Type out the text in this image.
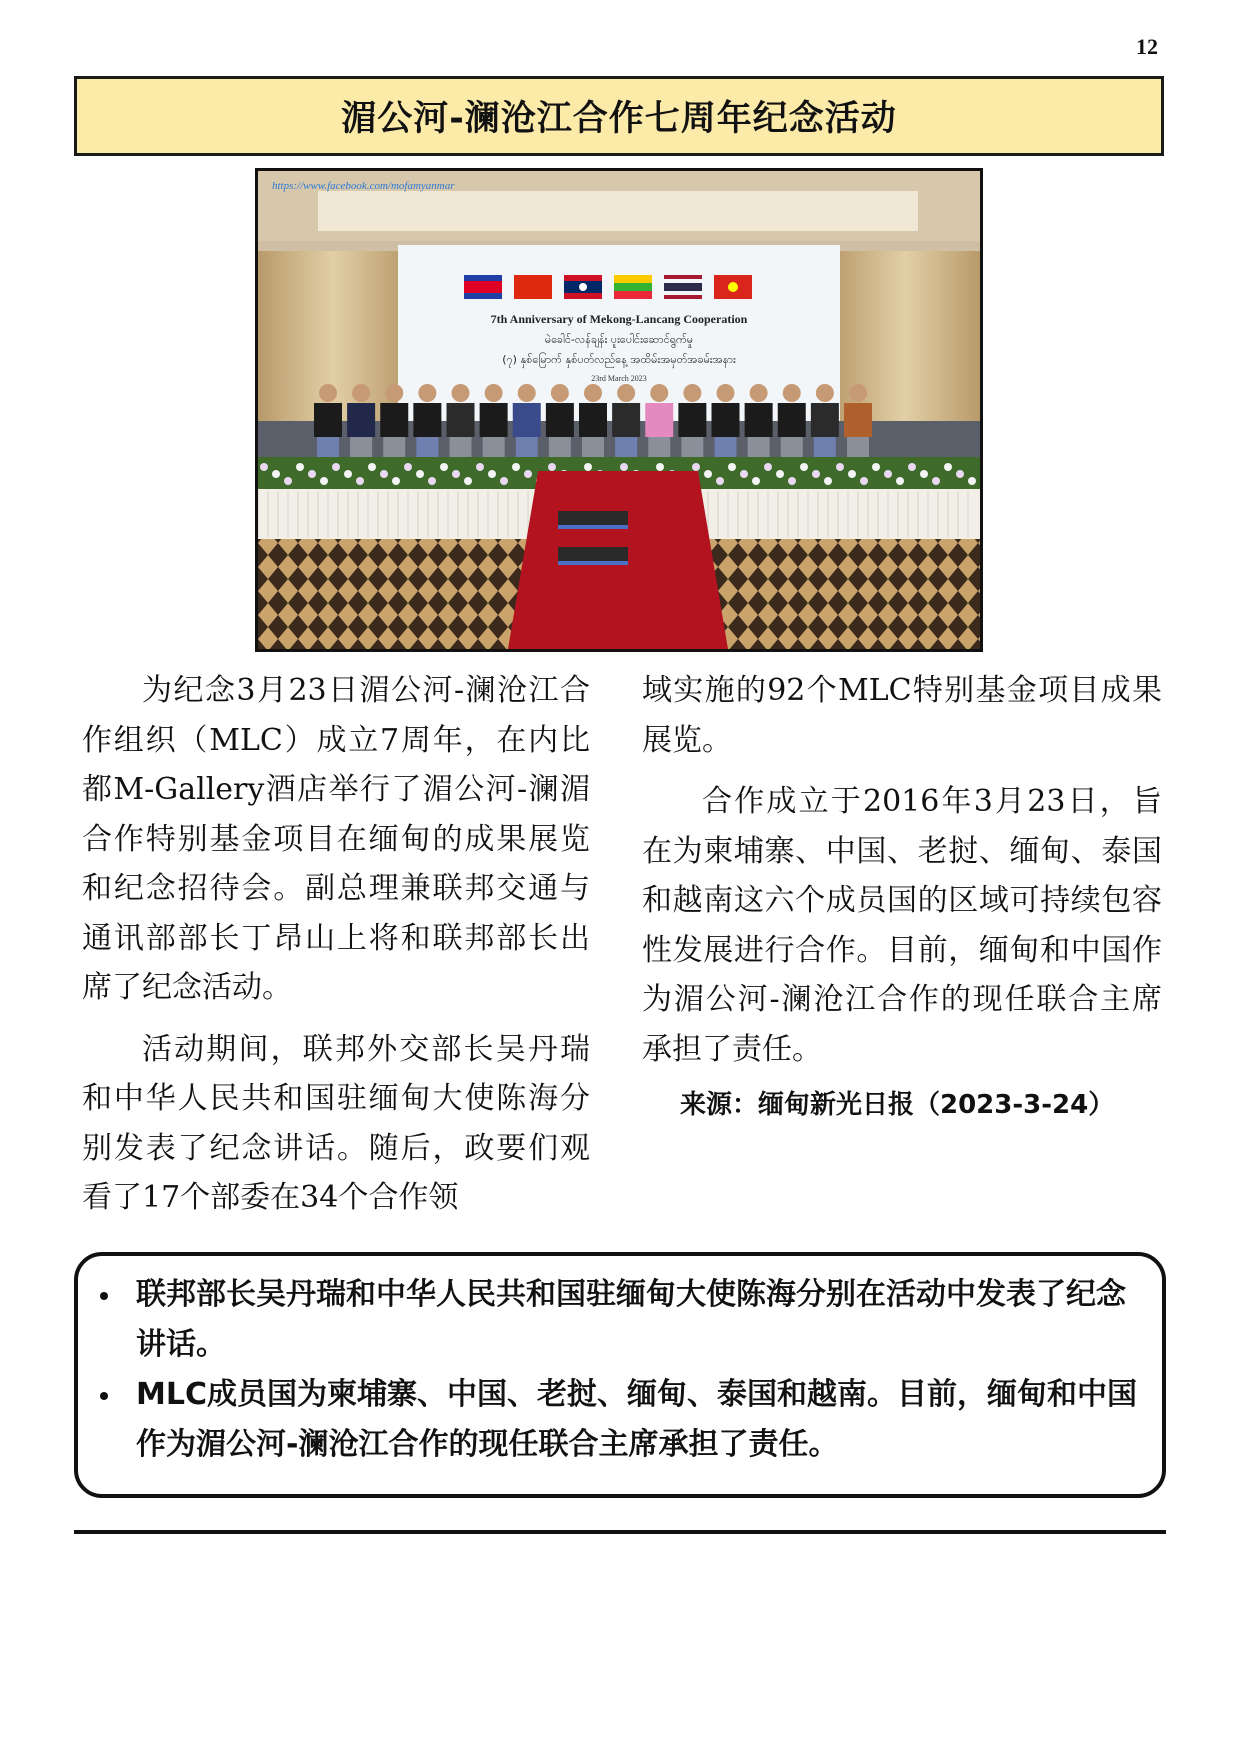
12
湄公河-澜沧江合作七周年纪念活动
7th Anniversary of Mekong-Lancang Cooperation
မဲခေါင်-လန်ချန်း ပူးပေါင်းဆောင်ရွက်မှု
(၇) နှစ်မြောက် နှစ်ပတ်လည်နေ့ အထိမ်းအမှတ်အခမ်းအနား
23rd March 2023
https://www.facebook.com/mofamyanmar

为纪念3月23日湄公河-澜沧江合作组织（MLC）成立7周年，在内比都M-Gallery酒店举行了湄公河-澜湄合作特别基金项目在缅甸的成果展览和纪念招待会。副总理兼联邦交通与通讯部部长丁昂山上将和联邦部长出席了纪念活动。

活动期间，联邦外交部长吴丹瑞和中华人民共和国驻缅甸大使陈海分别发表了纪念讲话。随后，政要们观看了17个部委在34个合作领

域实施的92个MLC特别基金项目成果展览。

合作成立于2016年3月23日，旨在为柬埔寨、中国、老挝、缅甸、泰国和越南这六个成员国的区域可持续包容性发展进行合作。目前，缅甸和中国作为湄公河-澜沧江合作的现任联合主席承担了责任。

来源：缅甸新光日报（2023-3-24）
联邦部长吴丹瑞和中华人民共和国驻缅甸大使陈海分别在活动中发表了纪念讲话。
MLC成员国为柬埔寨、中国、老挝、缅甸、泰国和越南。目前，缅甸和中国作为湄公河-澜沧江合作的现任联合主席承担了责任。
